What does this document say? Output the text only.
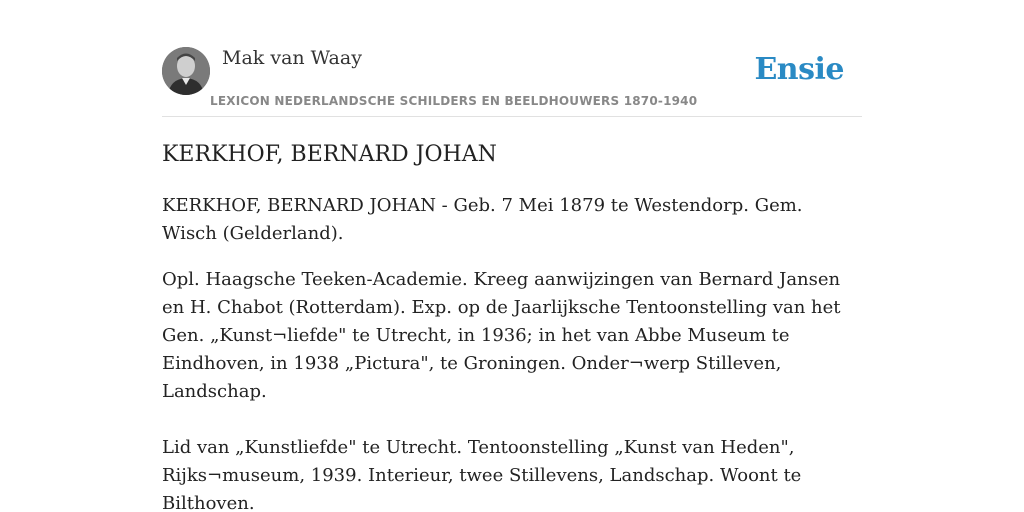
Mak van Waay
LEXICON NEDERLANDSCHE SCHILDERS EN BEELDHOUWERS 1870-1940
Ensie
KERKHOF, BERNARD JOHAN

KERKHOF, BERNARD JOHAN - Geb. 7 Mei 1879 te Westendorp. Gem. Wisch (Gelderland).

Opl. Haagsche Teeken-Academie. Kreeg aanwijzingen van Bernard Jansen en H. Chabot (Rotterdam). Exp. op de Jaarlijksche Tentoonstelling van het Gen. „Kunst¬liefde" te Utrecht, in 1936; in het van Abbe Museum te Eindhoven, in 1938 „Pictura", te Groningen. Onder¬werp Stilleven, Landschap.

Lid van „Kunstliefde" te Utrecht. Tentoonstelling „Kunst van Heden", Rijks¬museum, 1939. Interieur, twee Stillevens, Landschap. Woont te Bilthoven.
